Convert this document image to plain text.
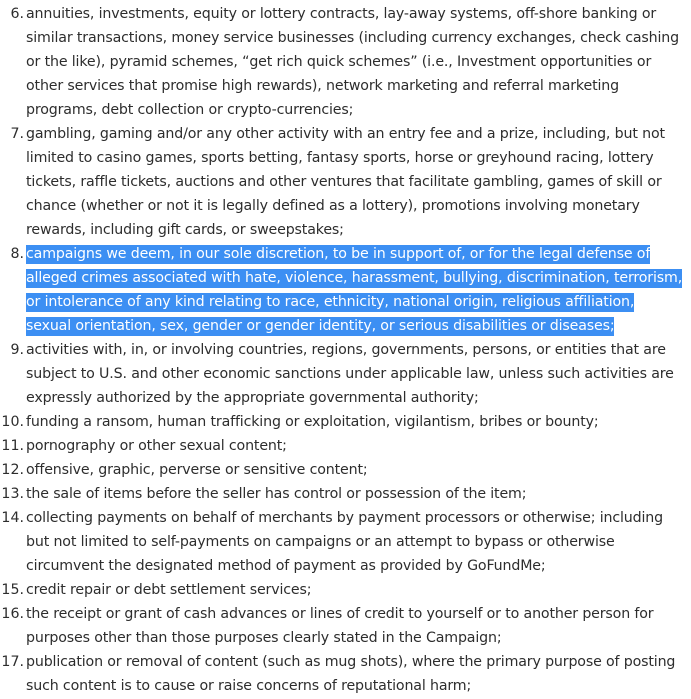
6. annuities, investments, equity or lottery contracts, lay-away systems, off-shore banking or similar transactions, money service businesses (including currency exchanges, check cashing or the like), pyramid schemes, “get rich quick schemes” (i.e., Investment opportunities or other services that promise high rewards), network marketing and referral marketing programs, debt collection or crypto-currencies;
7. gambling, gaming and/or any other activity with an entry fee and a prize, including, but not limited to casino games, sports betting, fantasy sports, horse or greyhound racing, lottery tickets, raffle tickets, auctions and other ventures that facilitate gambling, games of skill or chance (whether or not it is legally defined as a lottery), promotions involving monetary rewards, including gift cards, or sweepstakes;
8. campaigns we deem, in our sole discretion, to be in support of, or for the legal defense of alleged crimes associated with hate, violence, harassment, bullying, discrimination, terrorism, or intolerance of any kind relating to race, ethnicity, national origin, religious affiliation, sexual orientation, sex, gender or gender identity, or serious disabilities or diseases;
9. activities with, in, or involving countries, regions, governments, persons, or entities that are subject to U.S. and other economic sanctions under applicable law, unless such activities are expressly authorized by the appropriate governmental authority;
10. funding a ransom, human trafficking or exploitation, vigilantism, bribes or bounty;
11. pornography or other sexual content;
12. offensive, graphic, perverse or sensitive content;
13. the sale of items before the seller has control or possession of the item;
14. collecting payments on behalf of merchants by payment processors or otherwise; including but not limited to self-payments on campaigns or an attempt to bypass or otherwise circumvent the designated method of payment as provided by GoFundMe;
15. credit repair or debt settlement services;
16. the receipt or grant of cash advances or lines of credit to yourself or to another person for purposes other than those purposes clearly stated in the Campaign;
17. publication or removal of content (such as mug shots), where the primary purpose of posting such content is to cause or raise concerns of reputational harm;
